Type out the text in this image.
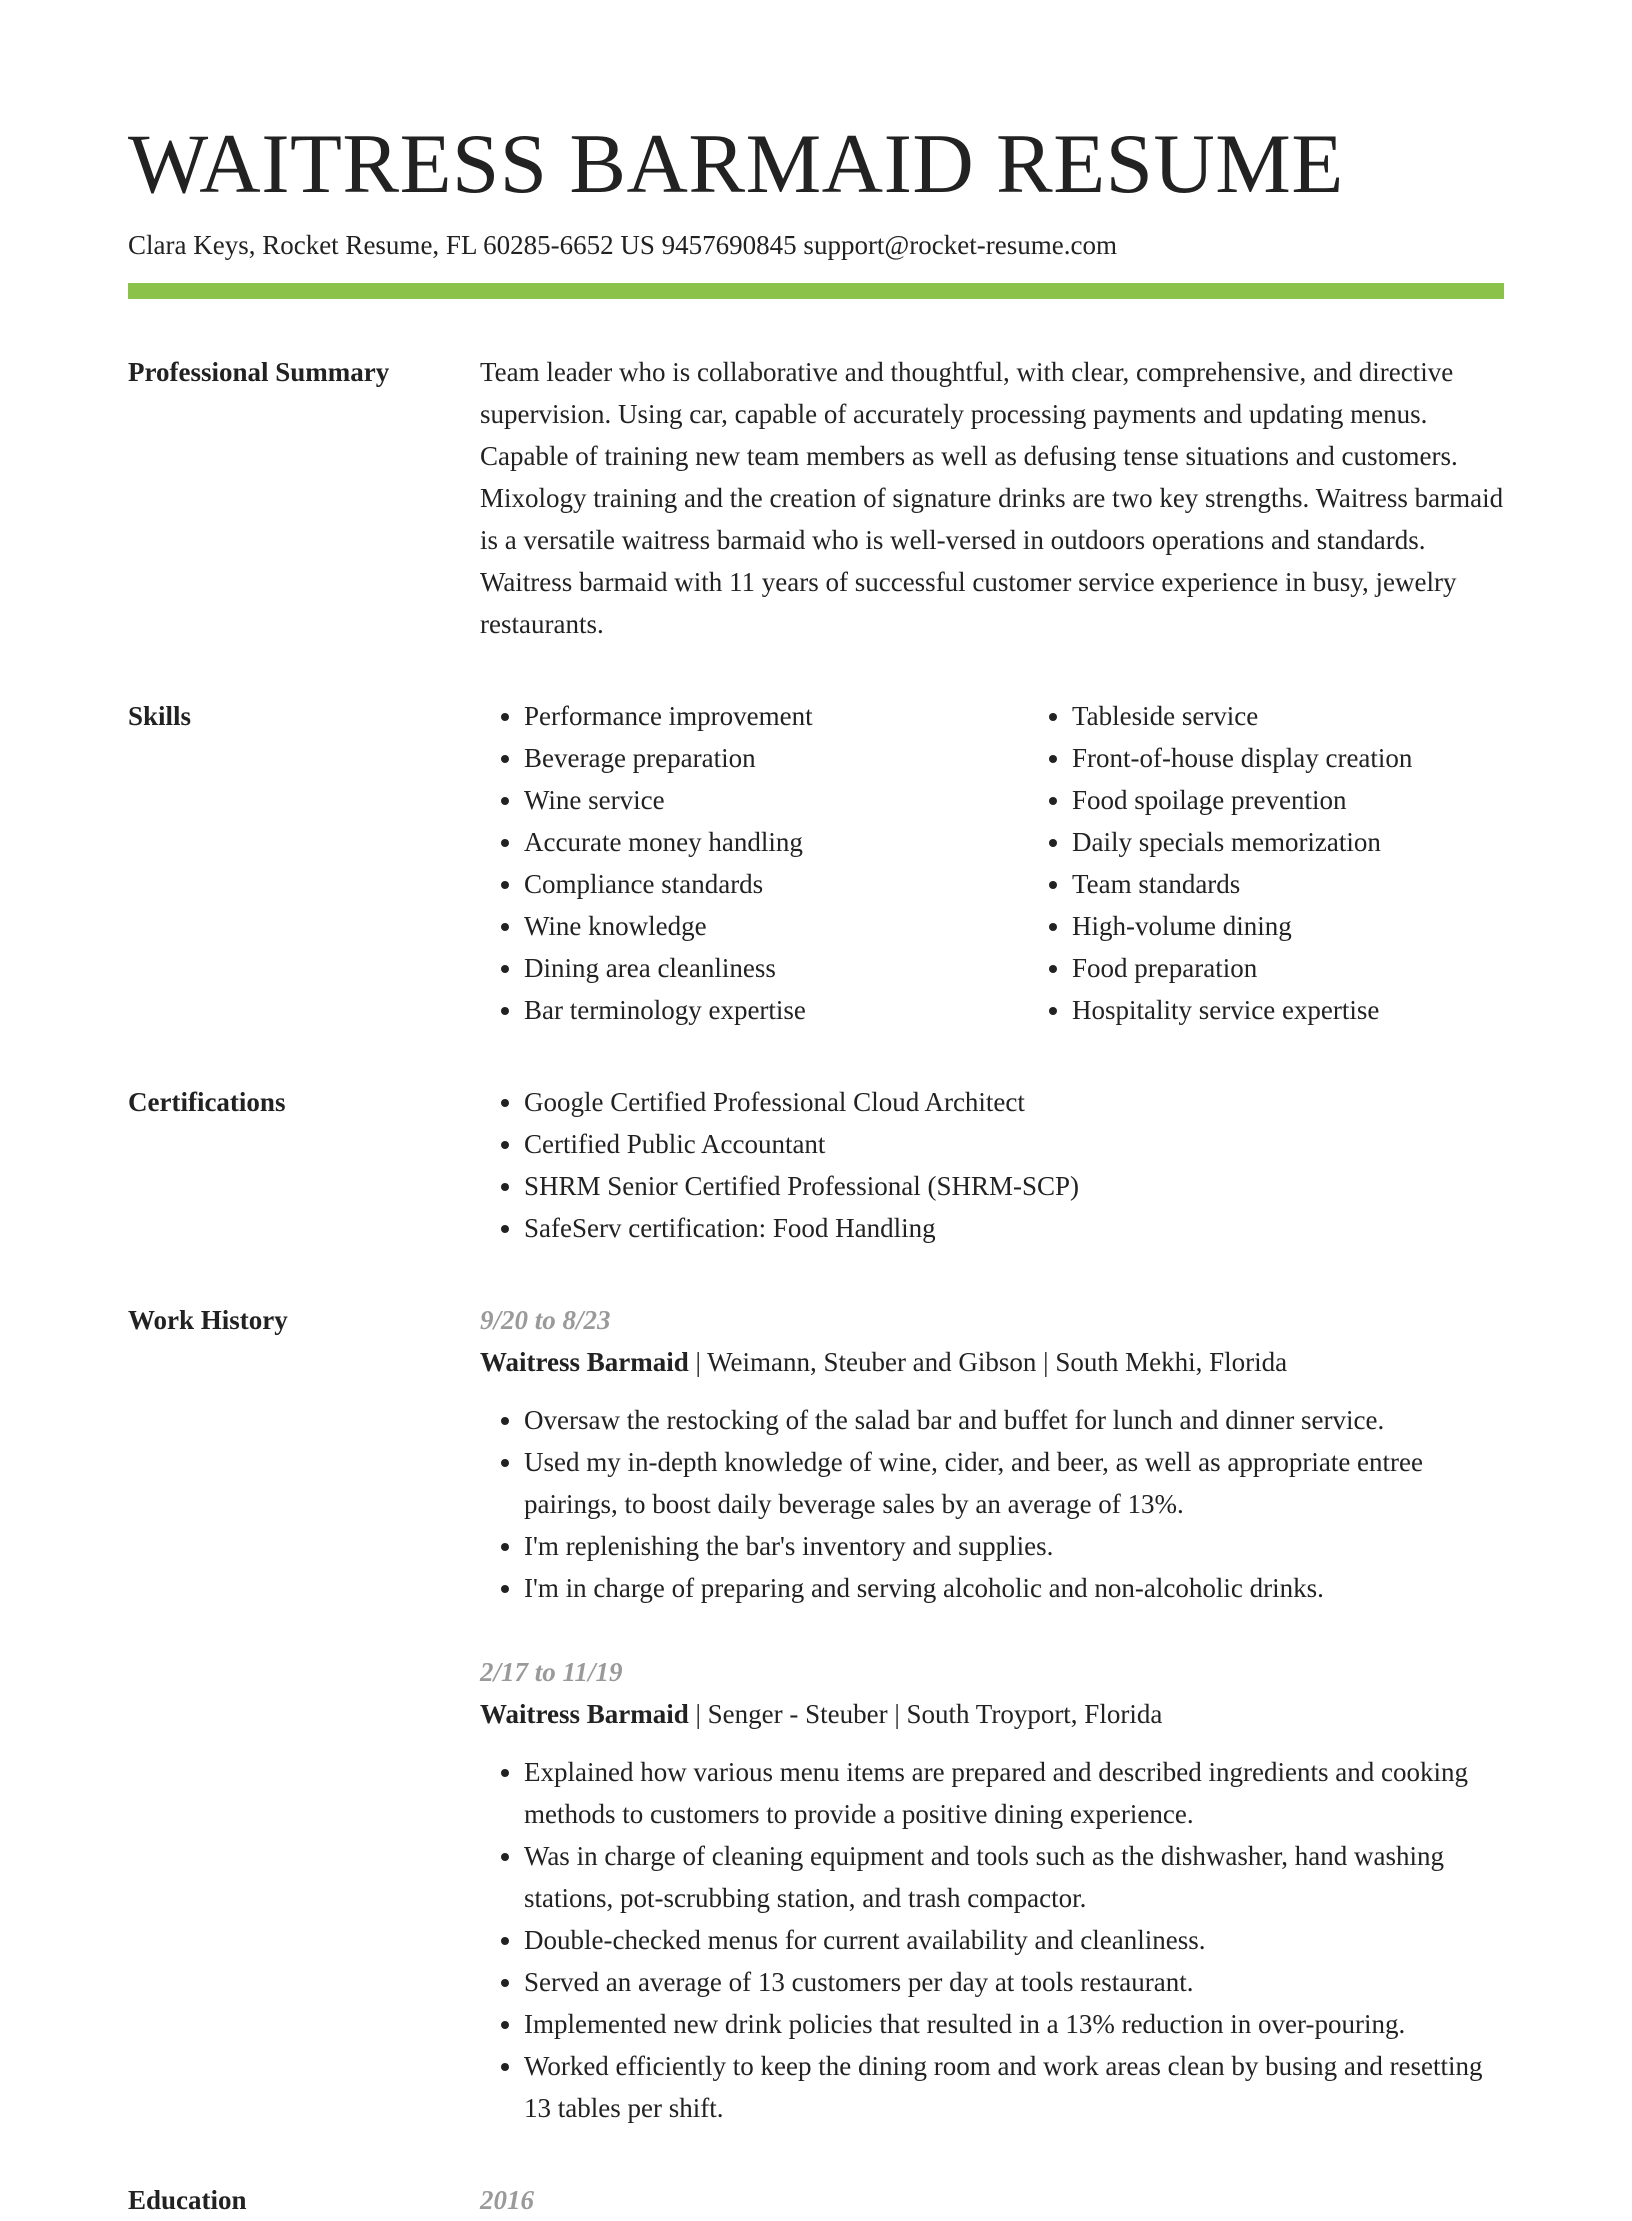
WAITRESS BARMAID RESUME
Clara Keys, Rocket Resume, FL 60285-6652 US 9457690845 support@rocket-resume.com
Professional Summary	Team leader who is collaborative and thoughtful, with clear, comprehensive, and directive supervision. Using car, capable of accurately processing payments and updating menus. Capable of training new team members as well as defusing tense situations and customers. Mixology training and the creation of signature drinks are two key strengths. Waitress barmaid is a versatile waitress barmaid who is well-versed in outdoors operations and standards. Waitress barmaid with 11 years of successful customer service experience in busy, jewelry restaurants.

Skills	• Performance improvement
• Beverage preparation
• Wine service
• Accurate money handling
• Compliance standards
• Wine knowledge
• Dining area cleanliness
• Bar terminology expertise
• Tableside service
• Front-of-house display creation
• Food spoilage prevention
• Daily specials memorization
• Team standards
• High-volume dining
• Food preparation
• Hospitality service expertise
Certifications	• Google Certified Professional Cloud Architect
• Certified Public Accountant
• SHRM Senior Certified Professional (SHRM-SCP)
• SafeServ certification: Food Handling
Work History	9/20 to 8/23
Waitress Barmaid | Weimann, Steuber and Gibson | South Mekhi, Florida
• Oversaw the restocking of the salad bar and buffet for lunch and dinner service.
• Used my in-depth knowledge of wine, cider, and beer, as well as appropriate entree pairings, to boost daily beverage sales by an average of 13%.
• I'm replenishing the bar's inventory and supplies.
• I'm in charge of preparing and serving alcoholic and non-alcoholic drinks.
2/17 to 11/19
Waitress Barmaid | Senger - Steuber | South Troyport, Florida
• Explained how various menu items are prepared and described ingredients and cooking methods to customers to provide a positive dining experience.
• Was in charge of cleaning equipment and tools such as the dishwasher, hand washing stations, pot-scrubbing station, and trash compactor.
• Double-checked menus for current availability and cleanliness.
• Served an average of 13 customers per day at tools restaurant.
• Implemented new drink policies that resulted in a 13% reduction in over-pouring.
• Worked efficiently to keep the dining room and work areas clean by busing and resetting 13 tables per shift.
Education	2016
